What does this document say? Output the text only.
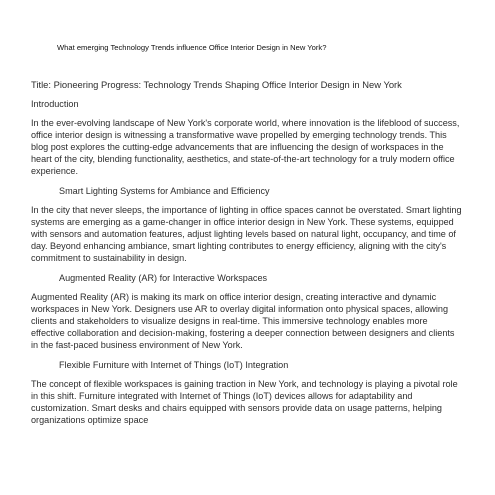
What emerging Technology Trends influence Office Interior Design in New York?

Title: Pioneering Progress: Technology Trends Shaping Office Interior Design in New York

Introduction

In the ever-evolving landscape of New York's corporate world, where innovation is the lifeblood of success, office interior design is witnessing a transformative wave propelled by emerging technology trends. This blog post explores the cutting-edge advancements that are influencing the design of workspaces in the heart of the city, blending functionality, aesthetics, and state-of-the-art technology for a truly modern office experience.

Smart Lighting Systems for Ambiance and Efficiency

In the city that never sleeps, the importance of lighting in office spaces cannot be overstated. Smart lighting systems are emerging as a game-changer in office interior design in New York. These systems, equipped with sensors and automation features, adjust lighting levels based on natural light, occupancy, and time of day. Beyond enhancing ambiance, smart lighting contributes to energy efficiency, aligning with the city's commitment to sustainability in design.

Augmented Reality (AR) for Interactive Workspaces

Augmented Reality (AR) is making its mark on office interior design, creating interactive and dynamic workspaces in New York. Designers use AR to overlay digital information onto physical spaces, allowing clients and stakeholders to visualize designs in real-time. This immersive technology enables more effective collaboration and decision-making, fostering a deeper connection between designers and clients in the fast-paced business environment of New York.

Flexible Furniture with Internet of Things (IoT) Integration

The concept of flexible workspaces is gaining traction in New York, and technology is playing a pivotal role in this shift. Furniture integrated with Internet of Things (IoT) devices allows for adaptability and customization. Smart desks and chairs equipped with sensors provide data on usage patterns, helping organizations optimize space
